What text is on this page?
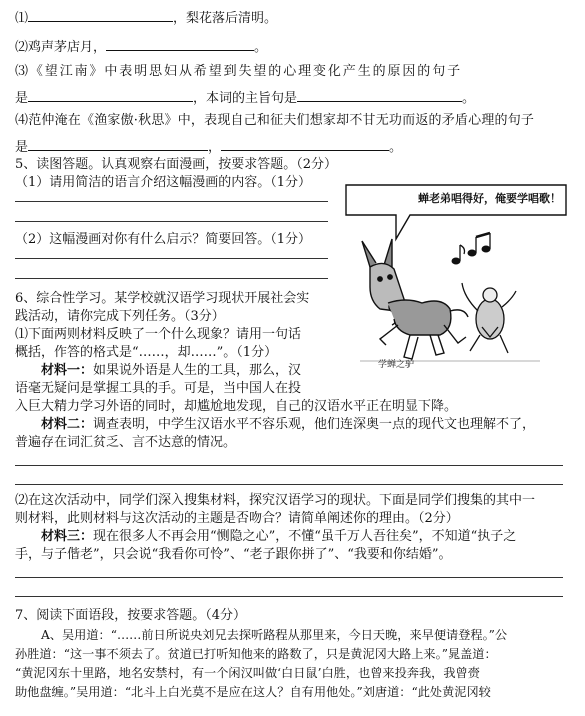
⑴	，梨花落后清明。
⑵鸡声茅店月，	。
⑶《望江南》中表明思妇从希望到失望的心理变化产生的原因的句子
是	，本词的主旨句是	。
⑷范仲淹在《渔家傲·秋思》中，表现自己和征夫们想家却不甘无功而返的矛盾心理的句子
是	，	。
5、读图答题。认真观察右面漫画，按要求答题。（2分）
（1）请用简洁的语言介绍这幅漫画的内容。（1分）
（2）这幅漫画对你有什么启示？简要回答。（1分）
蝉老弟唱得好，俺要学唱歌！
学蝉之驴
6、综合性学习。某学校就汉语学习现状开展社会实
践活动，请你完成下列任务。（3分）
⑴下面两则材料反映了一个什么现象？请用一句话
概括，作答的格式是“……，却……”。（1分）
材料一：如果说外语是人生的工具，那么，汉
语毫无疑问是掌握工具的手。可是，当中国人在投
入巨大精力学习外语的同时，却尴尬地发现，自己的汉语水平正在明显下降。
材料二：调查表明，中学生汉语水平不容乐观，他们连深奥一点的现代文也理解不了，
普遍存在词汇贫乏、言不达意的情况。
⑵在这次活动中，同学们深入搜集材料，探究汉语学习的现状。下面是同学们搜集的其中一
则材料，此则材料与这次活动的主题是否吻合？请简单阐述你的理由。（2分）
材料三：现在很多人不再会用“恻隐之心”，不懂“虽千万人吾往矣”，不知道“执子之
手，与子偕老”，只会说“我看你可怜”、“老子跟你拼了”、“我要和你结婚”。
7、阅读下面语段，按要求答题。（4分）
A、吴用道：“……前日所说央刘兄去探听路程从那里来，今日天晚，来早便请登程。”公
孙胜道：“这一事不须去了。贫道已打听知他来的路数了，只是黄泥冈大路上来。”晁盖道：
“黄泥冈东十里路，地名安禁村，有一个闲汉叫做‘白日鼠’白胜，也曾来投奔我，我曾赍
助他盘缠。”吴用道：“北斗上白光莫不是应在这人？自有用他处。”刘唐道：“此处黄泥冈较
